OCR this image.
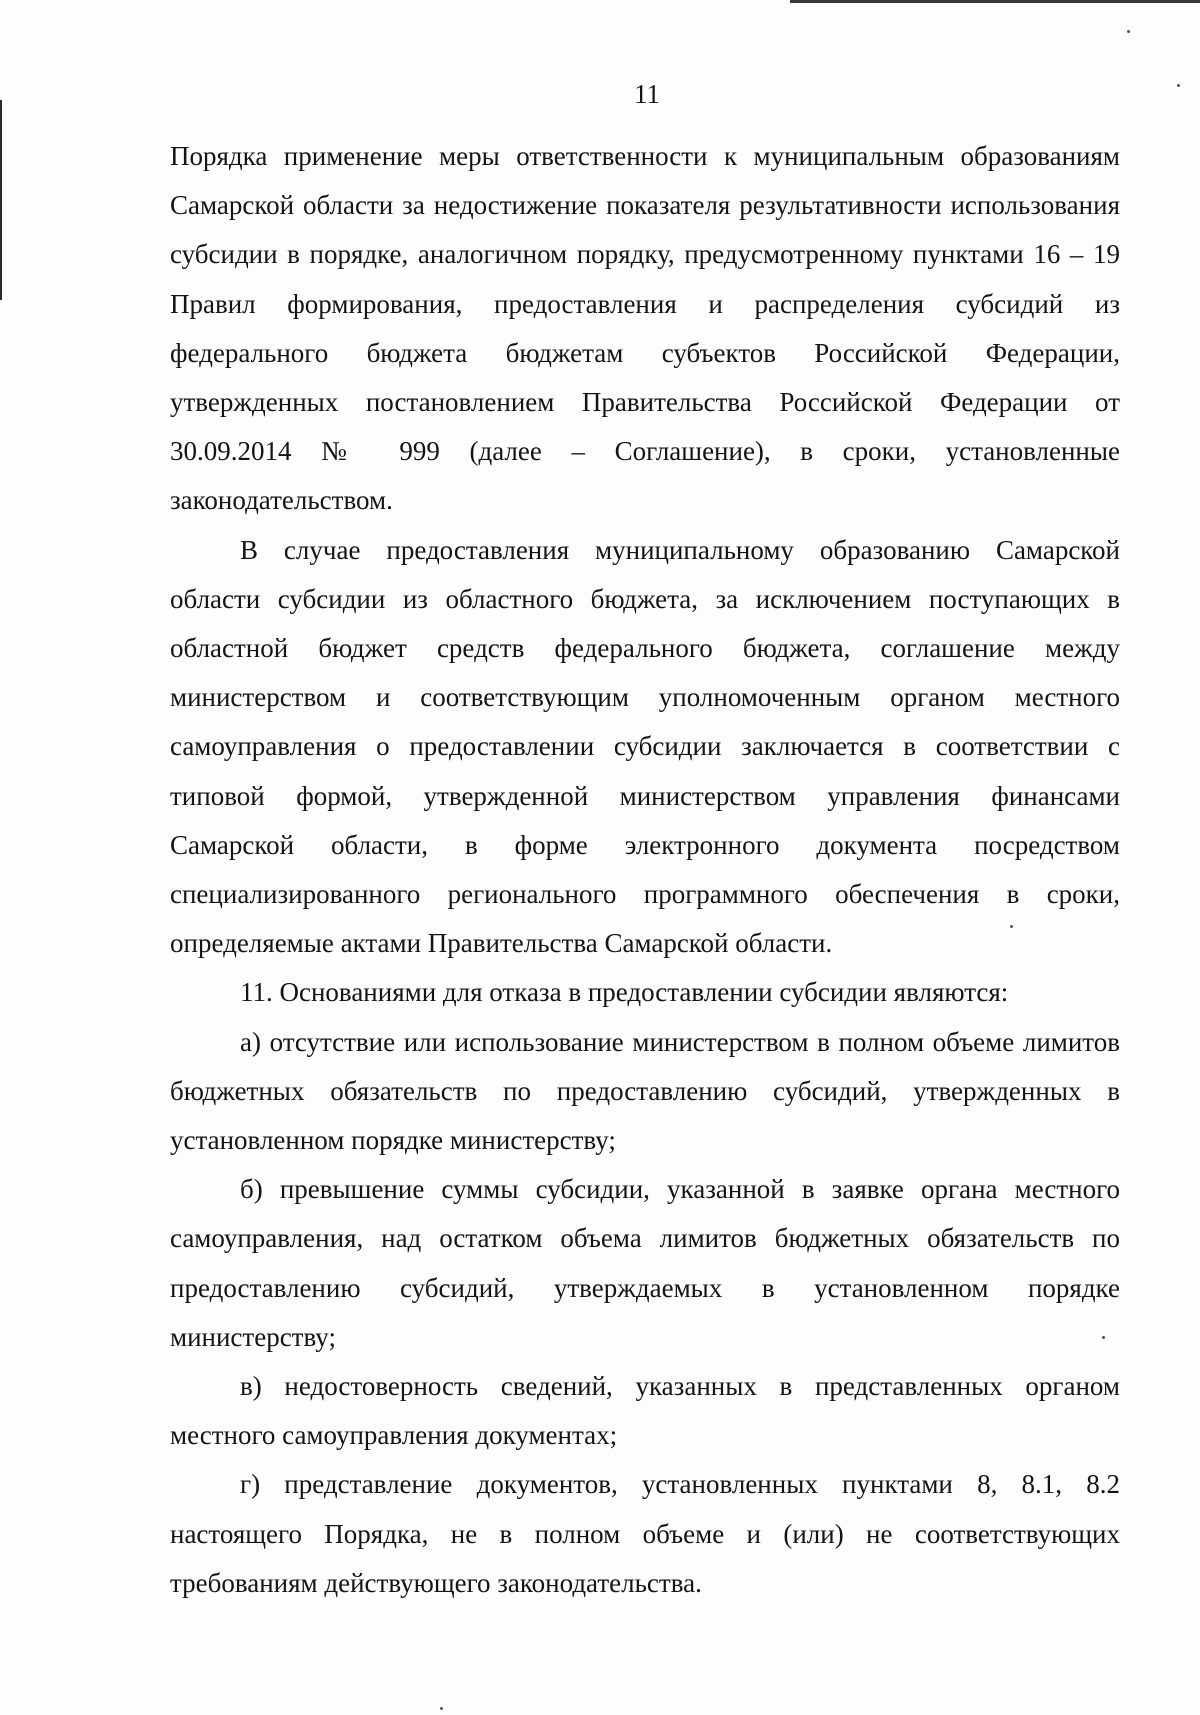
11

Порядка применение меры ответственности к муниципальным образованиям Самарской области за недостижение показателя результативности использования субсидии в порядке, аналогичном порядку, предусмотренному пунктами 16 – 19 Правил формирования, предоставления и распределения субсидий из федерального бюджета бюджетам субъектов Российской Федерации, утвержденных постановлением Правительства Российской Федерации от 30.09.2014 № 999 (далее – Соглашение), в сроки, установленные законодательством.

В случае предоставления муниципальному образованию Самарской области субсидии из областного бюджета, за исключением поступающих в областной бюджет средств федерального бюджета, соглашение между министерством и соответствующим уполномоченным органом местного самоуправления о предоставлении субсидии заключается в соответствии с типовой формой, утвержденной министерством управления финансами Самарской области, в форме электронного документа посредством специализированного регионального программного обеспечения в сроки, определяемые актами Правительства Самарской области.

11. Основаниями для отказа в предоставлении субсидии являются:

а) отсутствие или использование министерством в полном объеме лимитов бюджетных обязательств по предоставлению субсидий, утвержденных в установленном порядке министерству;

б) превышение суммы субсидии, указанной в заявке органа местного самоуправления, над остатком объема лимитов бюджетных обязательств по предоставлению субсидий, утверждаемых в установленном порядке министерству;

в) недостоверность сведений, указанных в представленных органом местного самоуправления документах;

г) представление документов, установленных пунктами 8, 8.1, 8.2 настоящего Порядка, не в полном объеме и (или) не соответствующих требованиям действующего законодательства.
